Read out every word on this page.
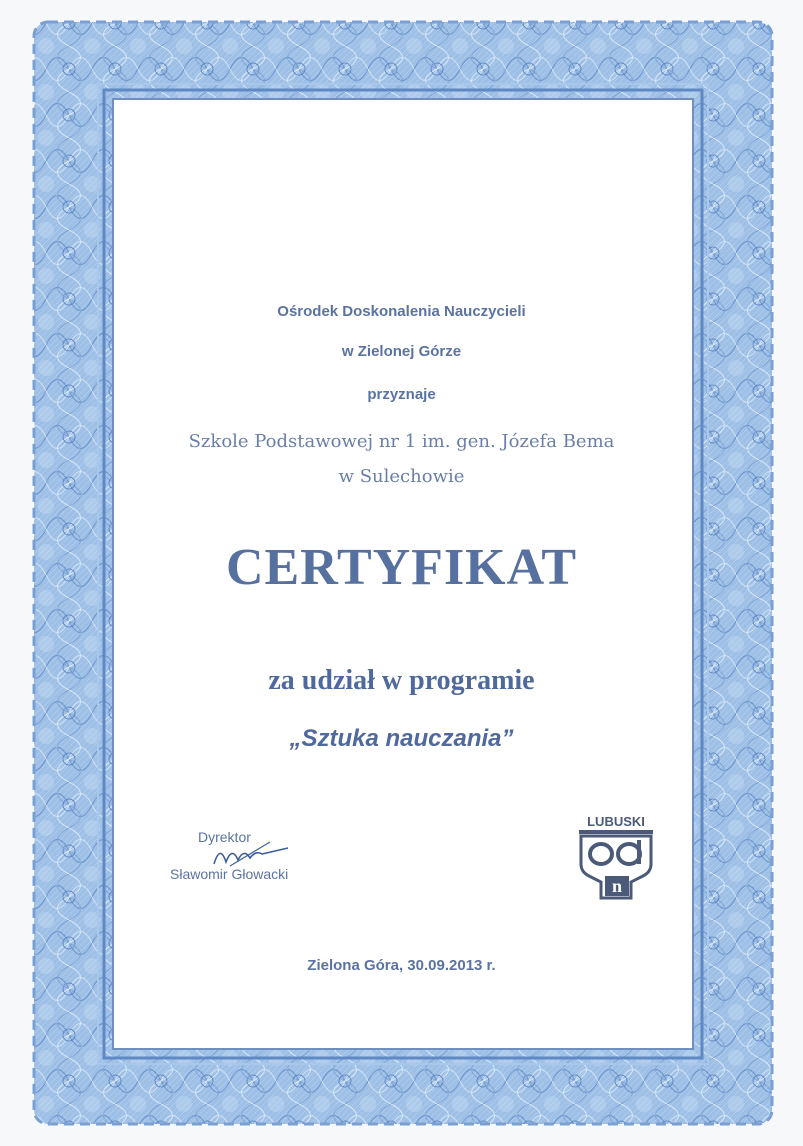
Ośrodek Doskonalenia Nauczycieli
w Zielonej Górze
przyznaje
Szkole Podstawowej nr 1 im. gen. Józefa Bema
w Sulechowie
CERTYFIKAT
za udział w programie
„Sztuka nauczania”
Dyrektor
Sławomir Głowacki
LUBUSKI
n
Zielona Góra, 30.09.2013 r.
